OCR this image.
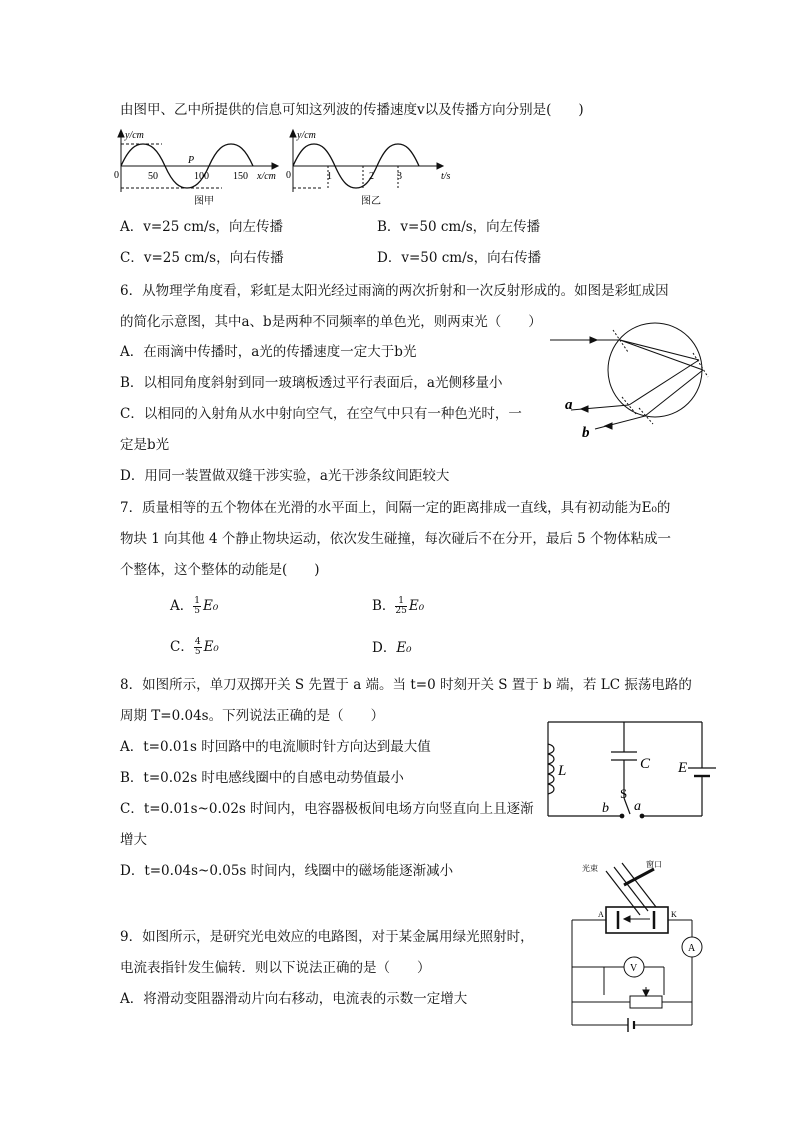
由图甲、乙中所提供的信息可知这列波的传播速度v以及传播方向分别是(　　)
y/cm
0	50	100 150 x/cm
P
图甲
y/cm
0	1	2 3	t/s
图乙
A．v=25 cm/s，向左传播	B．v=50 cm/s，向左传播
C．v=25 cm/s，向右传播	D．v=50 cm/s，向右传播
6．从物理学角度看，彩虹是太阳光经过雨滴的两次折射和一次反射形成的。如图是彩虹成因
的简化示意图，其中a、b是两种不同频率的单色光，则两束光（　　）
A．在雨滴中传播时，a光的传播速度一定大于b光
B．以相同角度斜射到同一玻璃板透过平行表面后，a光侧移量小
C．以相同的入射角从水中射向空气，在空气中只有一种色光时，一
定是b光
D．用同一装置做双缝干涉实验，a光干涉条纹间距较大
a
b
7．质量相等的五个物体在光滑的水平面上，间隔一定的距离排成一直线，具有初动能为E₀的
物块 1 向其他 4 个静止物块运动，依次发生碰撞，每次碰后不在分开，最后 5 个物体粘成一
个整体，这个整体的动能是(　　)
A． $\frac{1}{5} E_0$	B． $\frac{1}{25} E_0$
C． $\frac{4}{5} E_0$	D．E₀
8．如图所示，单刀双掷开关 S 先置于 a 端。当 t=0 时刻开关 S 置于 b 端，若 LC 振荡电路的
周期 T=0.04s。下列说法正确的是（　　）
A．t=0.01s 时回路中的电流顺时针方向达到最大值
B．t=0.02s 时电感线圈中的自感电动势值最小
C．t=0.01s~0.02s 时间内，电容器极板间电场方向竖直向上且逐渐
增大
D．t=0.04s~0.05s 时间内，线圈中的磁场能逐渐减小
L	C E
S
a
b
9．如图所示，是研究光电效应的电路图，对于某金属用绿光照射时，
电流表指针发生偏转．则以下说法正确的是（　　）
A．将滑动变阻器滑动片向右移动，电流表的示数一定增大
光束	窗口
A	K
A
V
